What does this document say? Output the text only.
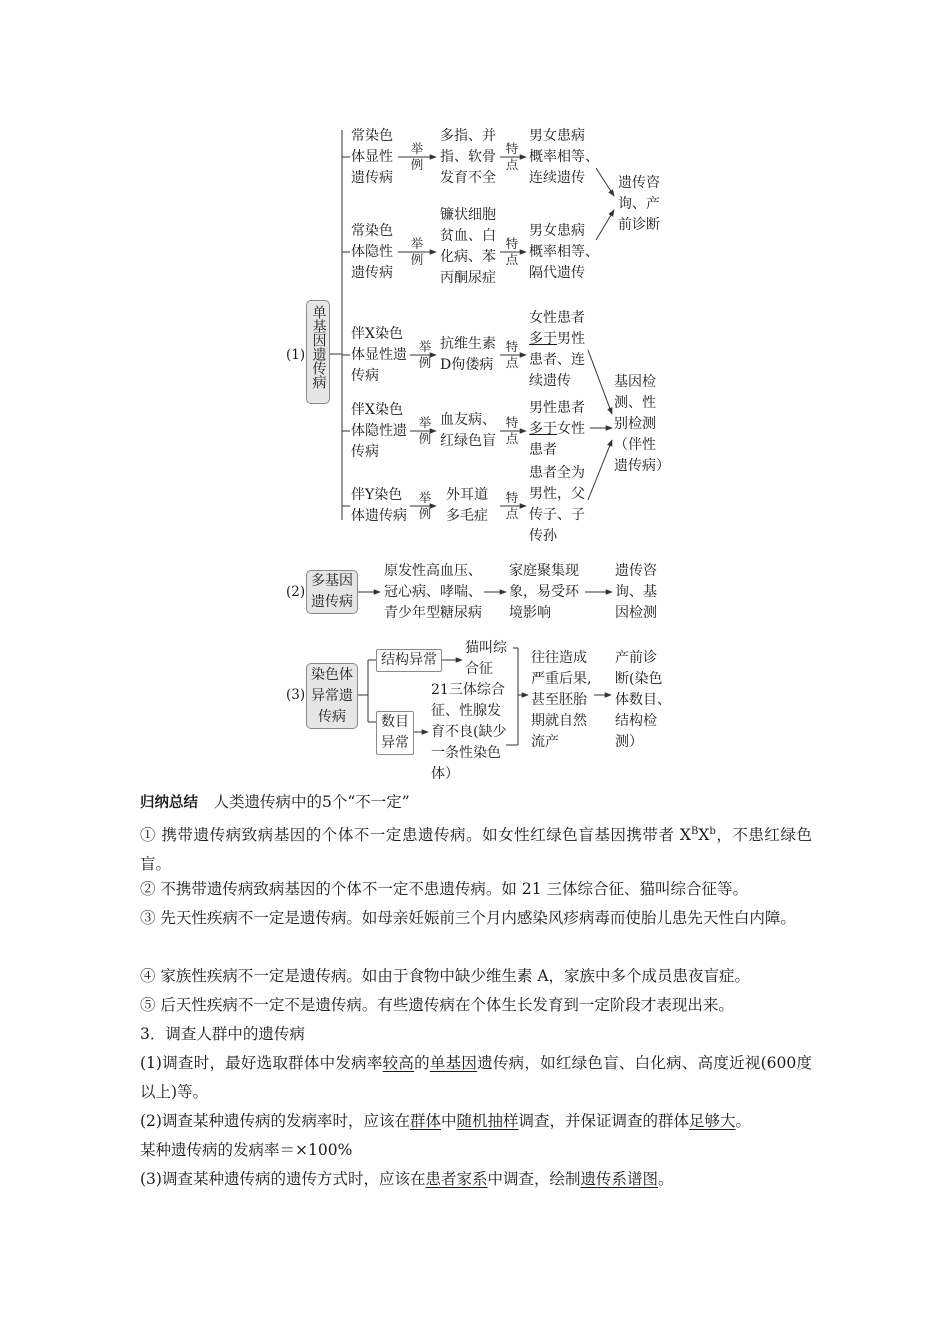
(1) 单基因遗传病
常染色
体显性
遗传病
举
例
多指、并
指、软骨
发育不全
特
点
男女患病
概率相等、
连续遗传
常染色
体隐性
遗传病
举
例
镰状细胞
贫血、白
化病、苯
丙酮尿症
特
点
男女患病
概率相等、
隔代遗传
伴X染色
体显性遗
传病
举
例
抗维生素
D佝偻病
特
点
女性患者
多于男性
患者、连
续遗传
伴X染色
体隐性遗
传病
举
例
血友病、
红绿色盲
特
点
男性患者
多于女性
患者
伴Y染色
体遗传病
举
例
外耳道
多毛症
特
点
患者全为
男性，父
传子、子
传孙
遗传咨
询、产
前诊断
基因检
测、性
别检测
（伴性
遗传病）
(2)
多基因
遗传病
原发性高血压、
冠心病、哮喘、
青少年型糖尿病
家庭聚集现
象，易受环
境影响
遗传咨
询、基
因检测
(3)
染色体
异常遗
传病
结构异常
猫叫综
合征
数目
异常
21三体综合
征、性腺发
育不良(缺少
一条性染色
体）
往往造成
严重后果,
甚至胚胎
期就自然
流产
产前诊
断(染色
体数目、
结构检
测）
归纳总结　 人类遗传病中的5个“不一定”
① 携带遗传病致病基因的个体不一定患遗传病。如女性红绿色盲基因携带者 $X^BX^b$，不患红绿色盲。
② 不携带遗传病致病基因的个体不一定不患遗传病。如 21 三体综合征、猫叫综合征等。
③ 先天性疾病不一定是遗传病。如母亲妊娠前三个月内感染风疹病毒而使胎儿患先天性白内障。
④ 家族性疾病不一定是遗传病。如由于食物中缺少维生素 A，家族中多个成员患夜盲症。
⑤ 后天性疾病不一定不是遗传病。有些遗传病在个体生长发育到一定阶段才表现出来。
3．调查人群中的遗传病
(1)调查时，最好选取群体中发病率较高的单基因遗传病，如红绿色盲、白化病、高度近视(600度以上)等。
(2)调查某种遗传病的发病率时，应该在群体中随机抽样调查，并保证调查的群体足够大。
某种遗传病的发病率＝×100%
(3)调查某种遗传病的遗传方式时，应该在患者家系中调查，绘制遗传系谱图。
